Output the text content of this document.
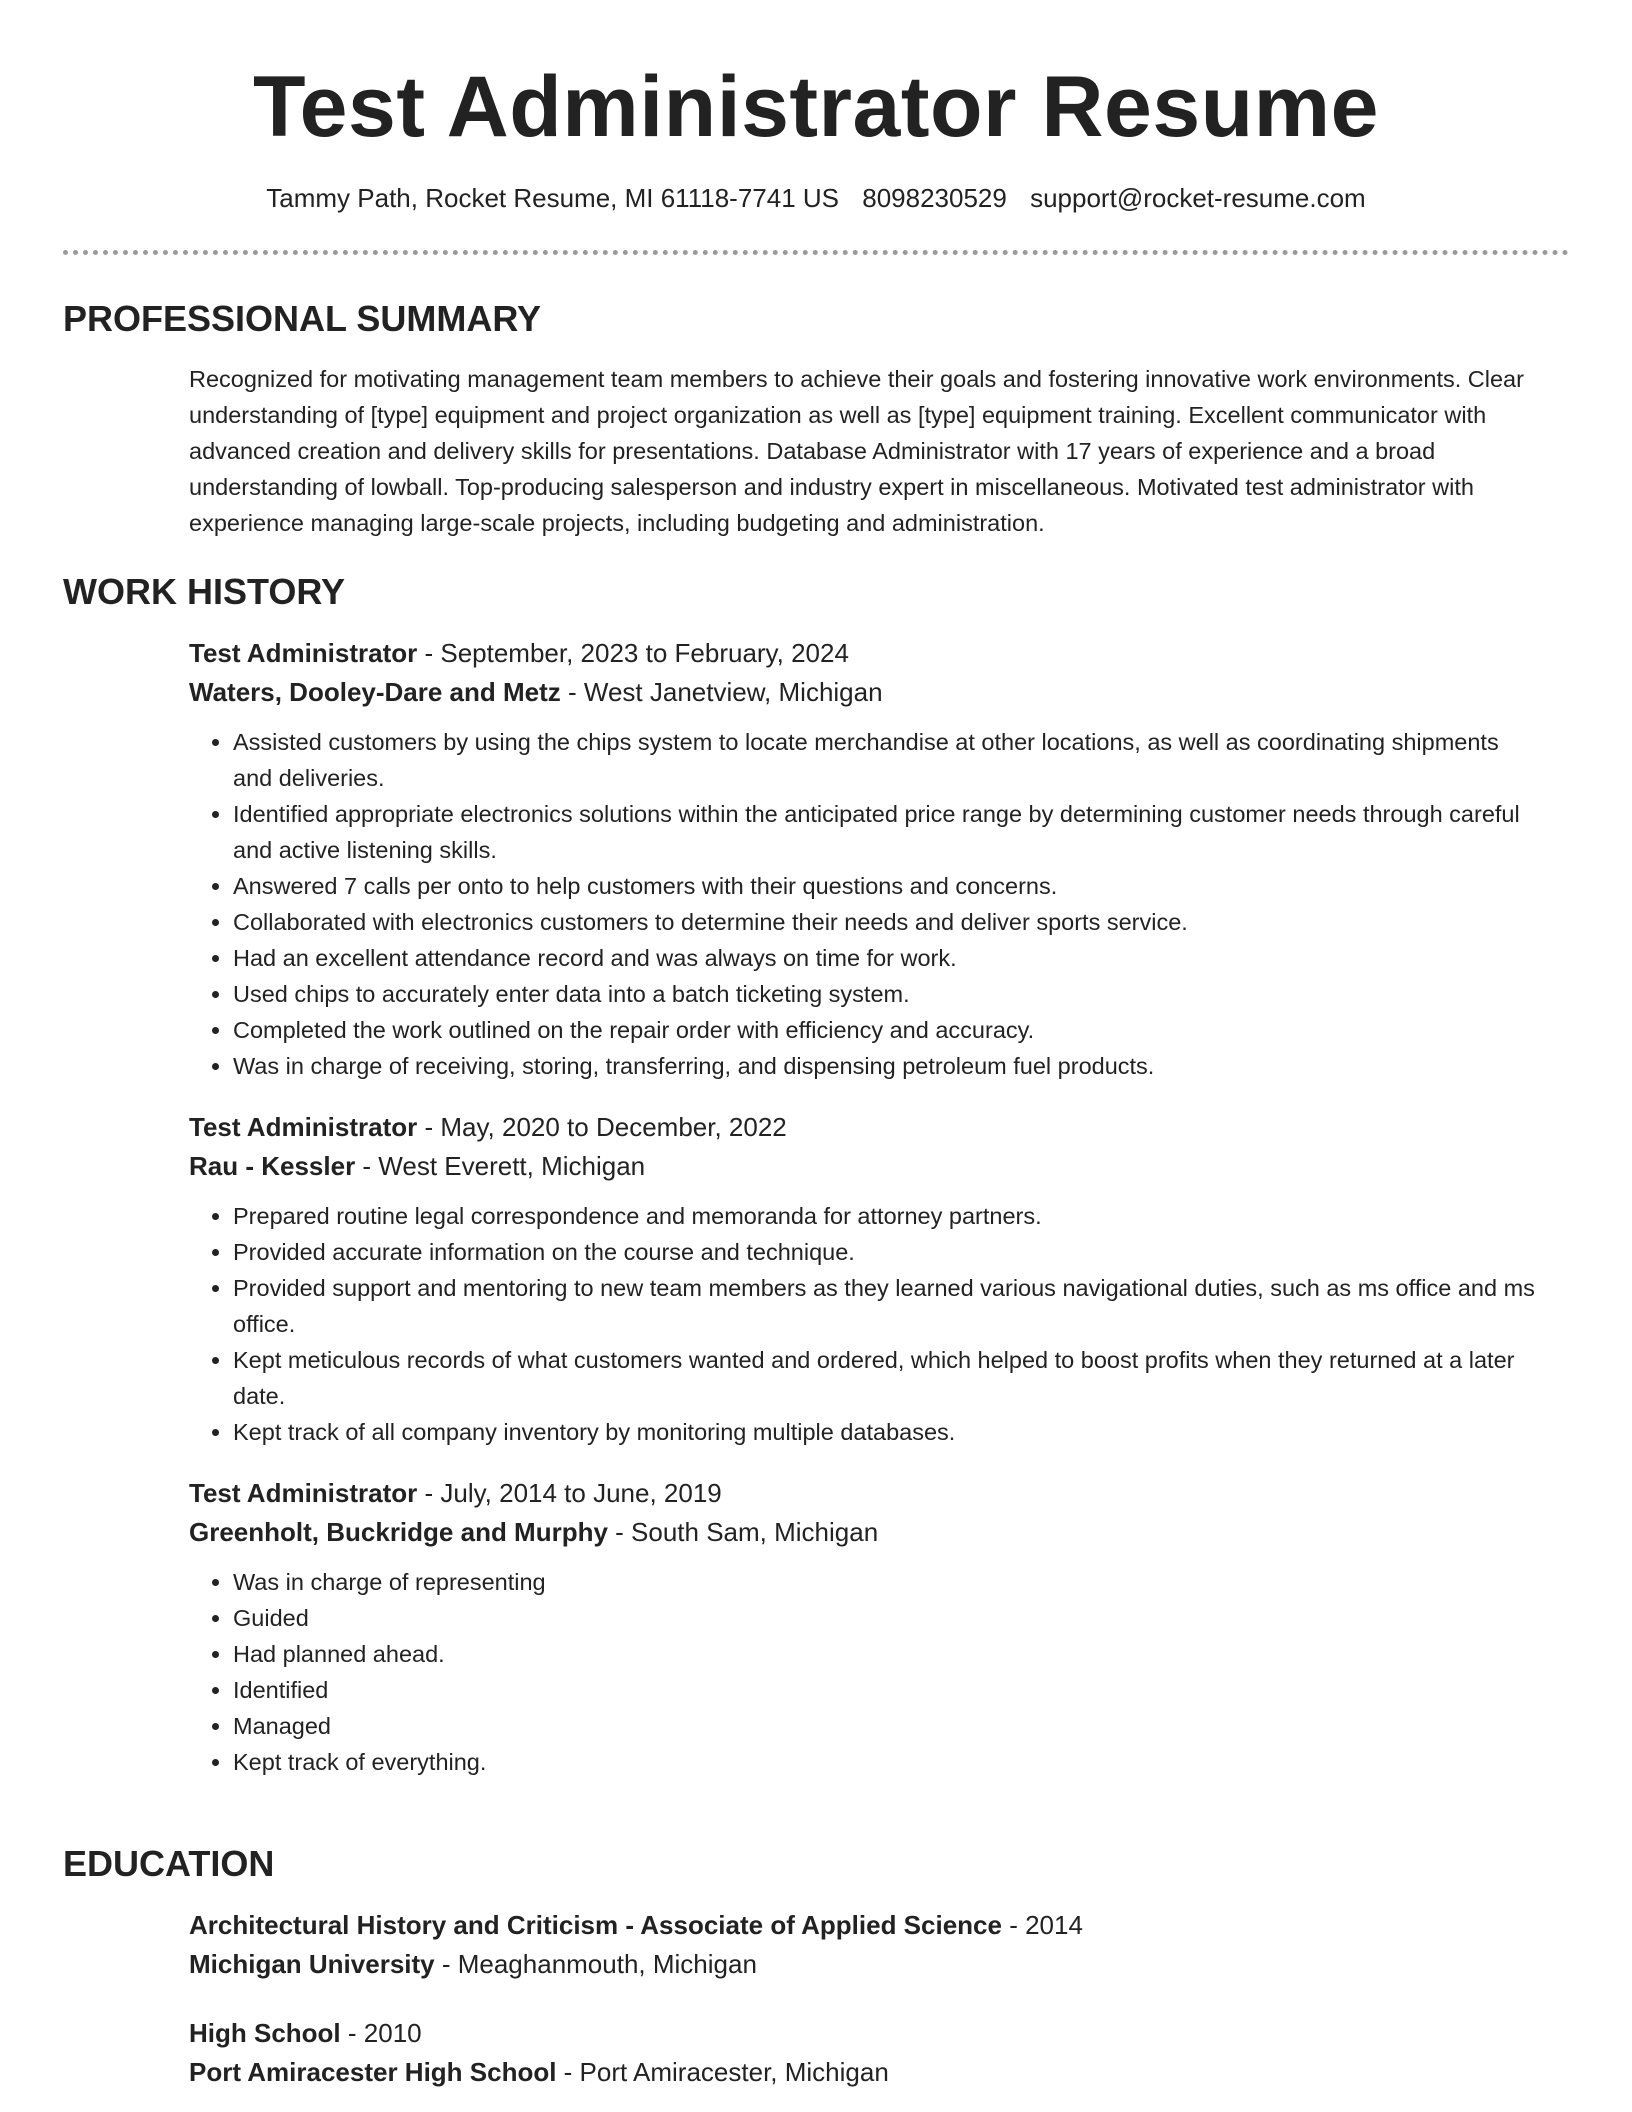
Test Administrator Resume
Tammy Path, Rocket Resume, MI 61118-7741 US 8098230529 support@rocket-resume.com
PROFESSIONAL SUMMARY
Recognized for motivating management team members to achieve their goals and fostering innovative work environments. Clear understanding of [type] equipment and project organization as well as [type] equipment training. Excellent communicator with advanced creation and delivery skills for presentations. Database Administrator with 17 years of experience and a broad understanding of lowball. Top-producing salesperson and industry expert in miscellaneous. Motivated test administrator with experience managing large-scale projects, including budgeting and administration.
WORK HISTORY
Test Administrator - September, 2023 to February, 2024
Waters, Dooley-Dare and Metz - West Janetview, Michigan
• Assisted customers by using the chips system to locate merchandise at other locations, as well as coordinating shipments and deliveries.
• Identified appropriate electronics solutions within the anticipated price range by determining customer needs through careful and active listening skills.
• Answered 7 calls per onto to help customers with their questions and concerns.
• Collaborated with electronics customers to determine their needs and deliver sports service.
• Had an excellent attendance record and was always on time for work.
• Used chips to accurately enter data into a batch ticketing system.
• Completed the work outlined on the repair order with efficiency and accuracy.
• Was in charge of receiving, storing, transferring, and dispensing petroleum fuel products.
Test Administrator - May, 2020 to December, 2022
Rau - Kessler - West Everett, Michigan
• Prepared routine legal correspondence and memoranda for attorney partners.
• Provided accurate information on the course and technique.
• Provided support and mentoring to new team members as they learned various navigational duties, such as ms office and ms office.
• Kept meticulous records of what customers wanted and ordered, which helped to boost profits when they returned at a later date.
• Kept track of all company inventory by monitoring multiple databases.
Test Administrator - July, 2014 to June, 2019
Greenholt, Buckridge and Murphy - South Sam, Michigan
• Was in charge of representing
• Guided
• Had planned ahead.
• Identified
• Managed
• Kept track of everything.
EDUCATION
Architectural History and Criticism - Associate of Applied Science - 2014
Michigan University - Meaghanmouth, Michigan
High School - 2010
Port Amiracester High School - Port Amiracester, Michigan
